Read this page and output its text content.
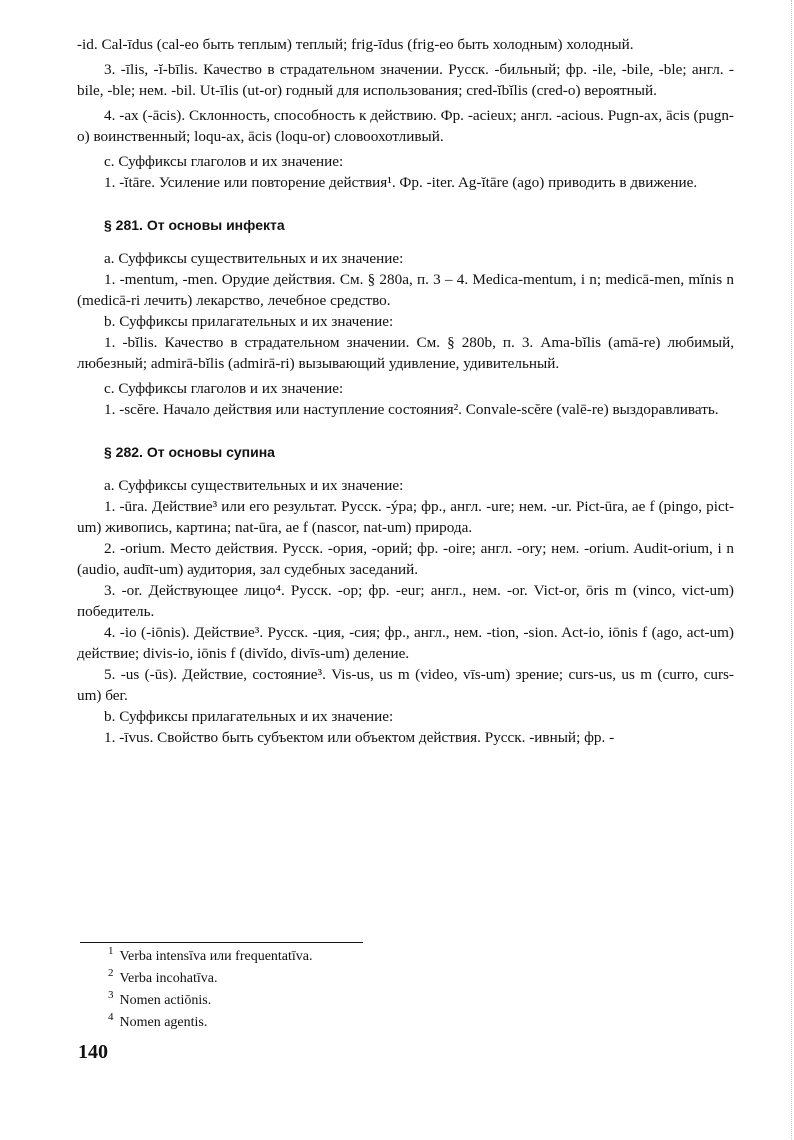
-id. Cal-īdus (cal-eo быть теплым) теплый; frig-īdus (frig-eo быть холодным) холодный.

3. -īlis, -ĭ-bīlis. Качество в страдательном значении. Русск. -бильный; фр. -ile, -bile, -ble; англ. -bile, -ble; нем. -bil. Ut-īlis (ut-or) годный для использования; cred-ĭbĭlis (cred-o) вероятный.

4. -ax (-ācis). Склонность, способность к действию. Фр. -acieux; англ. -acious. Pugn-ax, ācis (pugn-o) воинственный; loqu-ax, ācis (loqu-or) словоохотливый.

c. Суффиксы глаголов и их значение:

1. -ĭtāre. Усиление или повторение действия¹. Фр. -iter. Ag-ĭtāre (ago) приводить в движение.

§ 281. От основы инфекта

a. Суффиксы существительных и их значение:

1. -mentum, -men. Орудие действия. См. § 280a, п. 3 – 4. Medica-mentum, i n; medicā-men, mĭnis n (medicā-ri лечить) лекарство, лечебное средство.

b. Суффиксы прилагательных и их значение:

1. -bĭlis. Качество в страдательном значении. См. § 280b, п. 3. Ama-bĭlis (amā-re) любимый, любезный; admirā-bĭlis (admirā-ri) вызывающий удивление, удивительный.

c. Суффиксы глаголов и их значение:

1. -scĕre. Начало действия или наступление состояния². Convale-scĕre (valē-re) выздоравливать.

§ 282. От основы супина

a. Суффиксы существительных и их значение:

1. -ūra. Действие³ или его результат. Русск. -ýра; фр., англ. -ure; нем. -ur. Pict-ūra, ae f (pingo, pict-um) живопись, картина; nat-ūra, ae f (nascor, nat-um) природа.

2. -orium. Место действия. Русск. -ория, -орий; фр. -oire; англ. -ory; нем. -orium. Audit-orium, i n (audio, audīt-um) аудитория, зал судебных заседаний.

3. -or. Действующее лицо⁴. Русск. -ор; фр. -eur; англ., нем. -or. Vict-or, ōris m (vinco, vict-um) победитель.

4. -io (-iōnis). Действие³. Русск. -ция, -сия; фр., англ., нем. -tion, -sion. Act-io, iōnis f (ago, act-um) действие; divis-io, iōnis f (divĭdo, divīs-um) деление.

5. -us (-ūs). Действие, состояние³. Vis-us, us m (video, vīs-um) зрение; curs-us, us m (curro, curs-um) бег.

b. Суффиксы прилагательных и их значение:

1. -īvus. Свойство быть субъектом или объектом действия. Русск. -ивный; фр. -

$^1$ Verba intensīva или frequentatīva.

$^2$ Verba incohatīva.

$^3$ Nomen actiōnis.

$^4$ Nomen agentis.

140
